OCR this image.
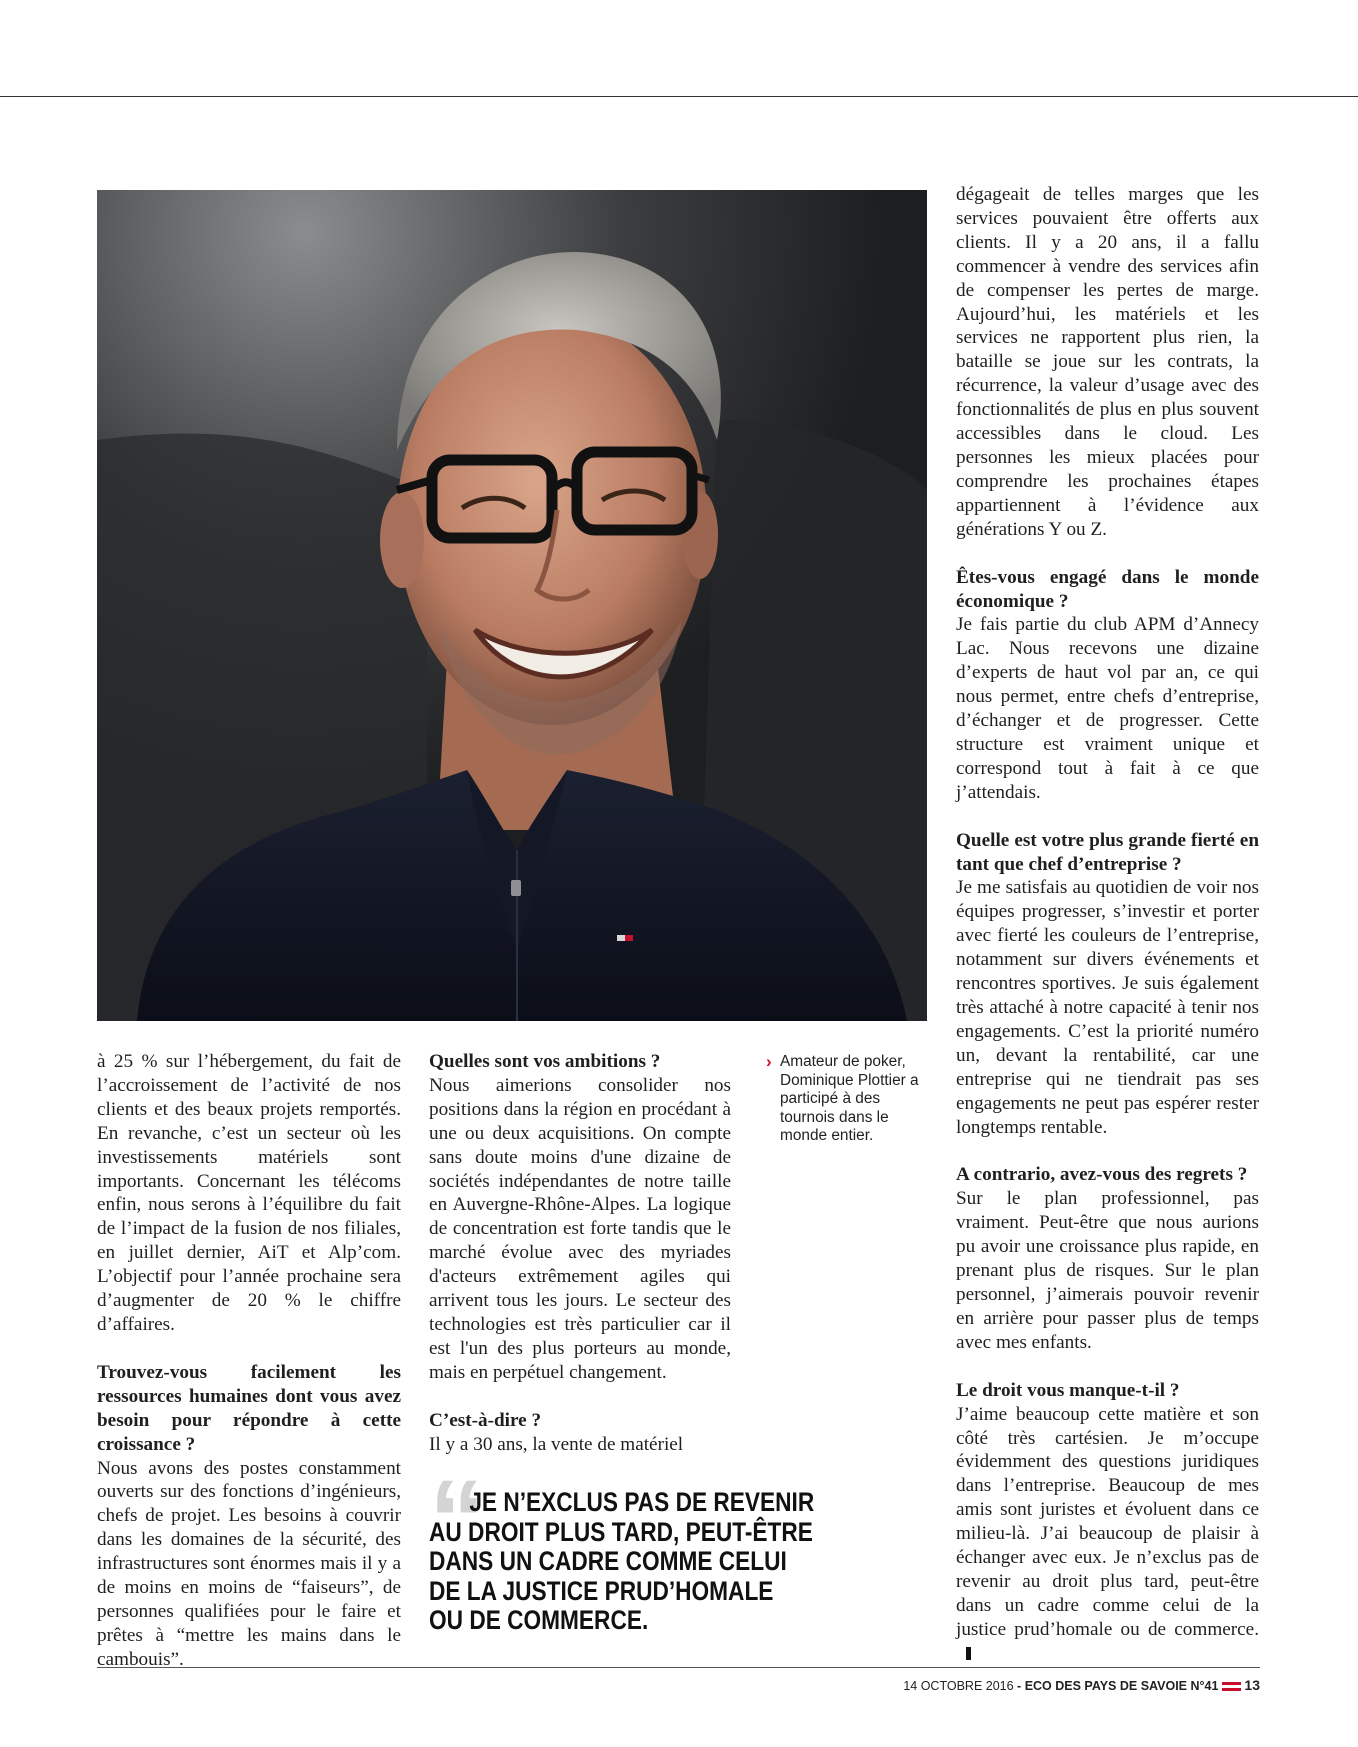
à 25 % sur l’hébergement, du fait de l’accroissement de l’activité de nos clients et des beaux projets remportés. En revanche, c’est un secteur où les investissements matériels sont importants. Concernant les télécoms enfin, nous serons à l’équilibre du fait de l’impact de la fusion de nos filiales, en juillet dernier, AiT et Alp’com. L’objectif pour l’année prochaine sera d’augmenter de 20 % le chiffre d’affaires.

Trouvez-vous facilement les ressources humaines dont vous avez besoin pour répondre à cette croissance ?

Nous avons des postes constamment ouverts sur des fonctions d’ingénieurs, chefs de projet. Les besoins à couvrir dans les domaines de la sécurité, des infrastructures sont énormes mais il y a de moins en moins de “faiseurs”, de personnes qualifiées pour le faire et prêtes à “mettre les mains dans le cambouis”.

Quelles sont vos ambitions ?

Nous aimerions consolider nos positions dans la région en procédant à une ou deux acquisitions. On compte sans doute moins d'une dizaine de sociétés indépendantes de notre taille en Auvergne-Rhône-Alpes. La logique de concentration est forte tandis que le marché évolue avec des myriades d'acteurs extrêmement agiles qui arrivent tous les jours. Le secteur des technologies est très particulier car il est l'un des plus porteurs au monde, mais en perpétuel changement.

C’est-à-dire ?

Il y a 30 ans, la vente de matériel

› Amateur de poker, Dominique Plottier a participé à des tournois dans le monde entier.
“
JE N’EXCLUS PAS DE REVENIR
AU DROIT PLUS TARD, PEUT-ÊTRE
DANS UN CADRE COMME CELUI
DE LA JUSTICE PRUD’HOMALE
OU DE COMMERCE.

dégageait de telles marges que les services pouvaient être offerts aux clients. Il y a 20 ans, il a fallu commencer à vendre des services afin de compenser les pertes de marge. Aujourd’hui, les matériels et les services ne rapportent plus rien, la bataille se joue sur les contrats, la récurrence, la valeur d’usage avec des fonctionnalités de plus en plus souvent accessibles dans le cloud. Les personnes les mieux placées pour comprendre les prochaines étapes appartiennent à l’évidence aux générations Y ou Z.

Êtes-vous engagé dans le monde économique ?

Je fais partie du club APM d’Annecy Lac. Nous recevons une dizaine d’experts de haut vol par an, ce qui nous permet, entre chefs d’entreprise, d’échanger et de progresser. Cette structure est vraiment unique et correspond tout à fait à ce que j’attendais.

Quelle est votre plus grande fierté en tant que chef d’entreprise ?

Je me satisfais au quotidien de voir nos équipes progresser, s’investir et porter avec fierté les couleurs de l’entreprise, notamment sur divers événements et rencontres sportives. Je suis également très attaché à notre capacité à tenir nos engagements. C’est la priorité numéro un, devant la rentabilité, car une entreprise qui ne tiendrait pas ses engagements ne peut pas espérer rester longtemps rentable.

A contrario, avez-vous des regrets ?

Sur le plan professionnel, pas vraiment. Peut-être que nous aurions pu avoir une croissance plus rapide, en prenant plus de risques. Sur le plan personnel, j’aimerais pouvoir revenir en arrière pour passer plus de temps avec mes enfants.

Le droit vous manque-t-il ?

J’aime beaucoup cette matière et son côté très cartésien. Je m’occupe évidemment des questions juridiques dans l’entreprise. Beaucoup de mes amis sont juristes et évoluent dans ce milieu-là. J’ai beaucoup de plaisir à échanger avec eux. Je n’exclus pas de revenir au droit plus tard, peut-être dans un cadre comme celui de la justice prud’homale ou de commerce.

14 OCTOBRE 2016 - ECO DES PAYS DE SAVOIE N°41 13
